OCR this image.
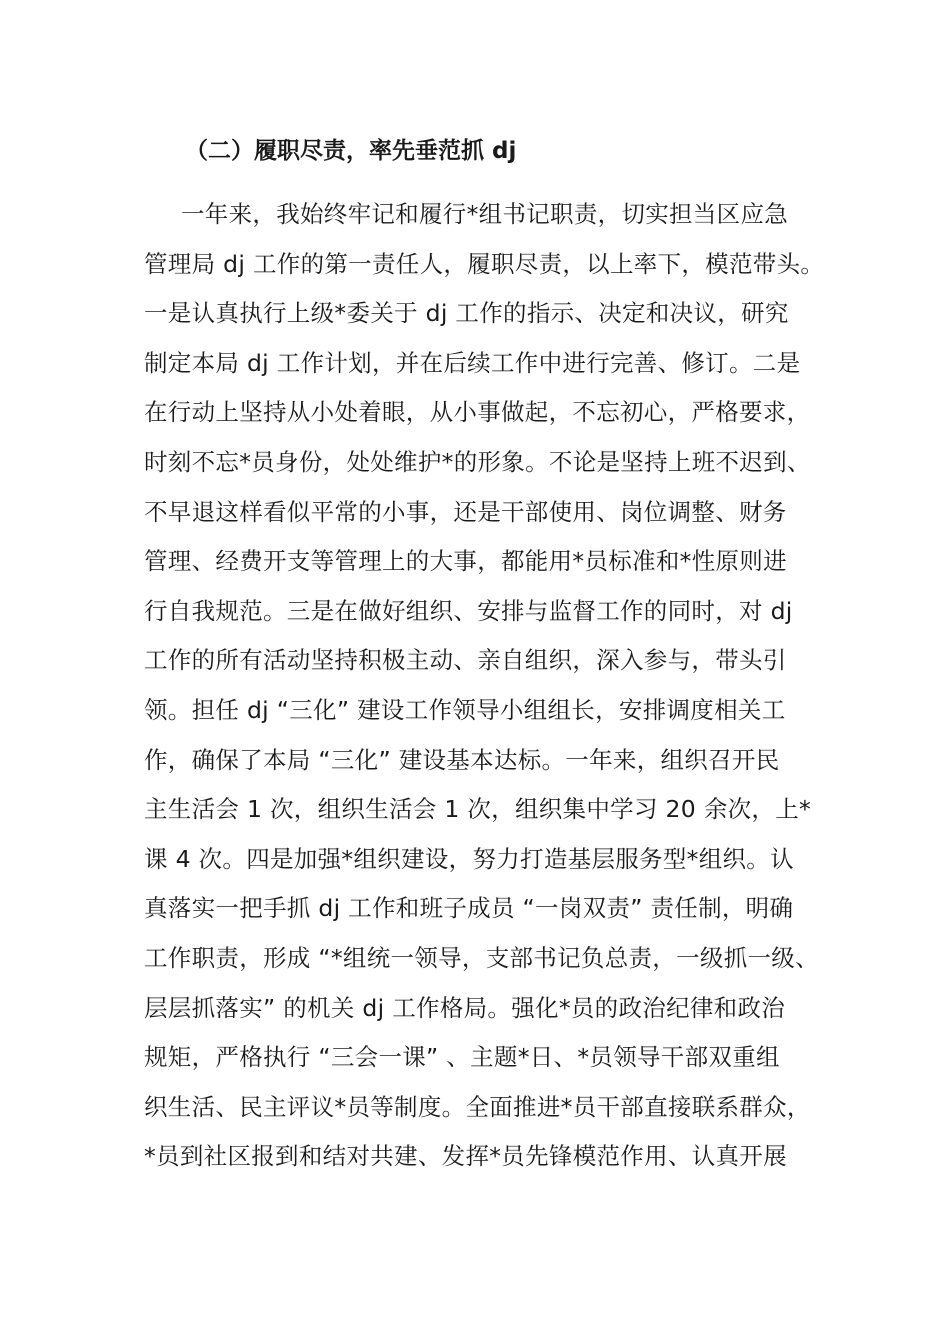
（二）履职尽责，率先垂范抓 dj
一年来，我始终牢记和履行*组书记职责，切实担当区应急
管理局 dj 工作的第一责任人，履职尽责，以上率下，模范带头。
一是认真执行上级*委关于 dj 工作的指示、决定和决议，研究
制定本局 dj 工作计划，并在后续工作中进行完善、修订。二是
在行动上坚持从小处着眼，从小事做起，不忘初心，严格要求，
时刻不忘*员身份，处处维护*的形象。不论是坚持上班不迟到、
不早退这样看似平常的小事，还是干部使用、岗位调整、财务
管理、经费开支等管理上的大事，都能用*员标准和*性原则进
行自我规范。三是在做好组织、安排与监督工作的同时，对 dj
工作的所有活动坚持积极主动、亲自组织，深入参与，带头引
领。担任 dj “三化” 建设工作领导小组组长，安排调度相关工
作，确保了本局 “三化” 建设基本达标。一年来，组织召开民
主生活会 1 次，组织生活会 1 次，组织集中学习 20 余次，上*
课 4 次。四是加强*组织建设，努力打造基层服务型*组织。认
真落实一把手抓 dj 工作和班子成员 “一岗双责” 责任制，明确
工作职责，形成 “*组统一领导，支部书记负总责，一级抓一级、
层层抓落实” 的机关 dj 工作格局。强化*员的政治纪律和政治
规矩，严格执行 “三会一课” 、主题*日、*员领导干部双重组
织生活、民主评议*员等制度。全面推进*员干部直接联系群众，
*员到社区报到和结对共建、发挥*员先锋模范作用、认真开展
